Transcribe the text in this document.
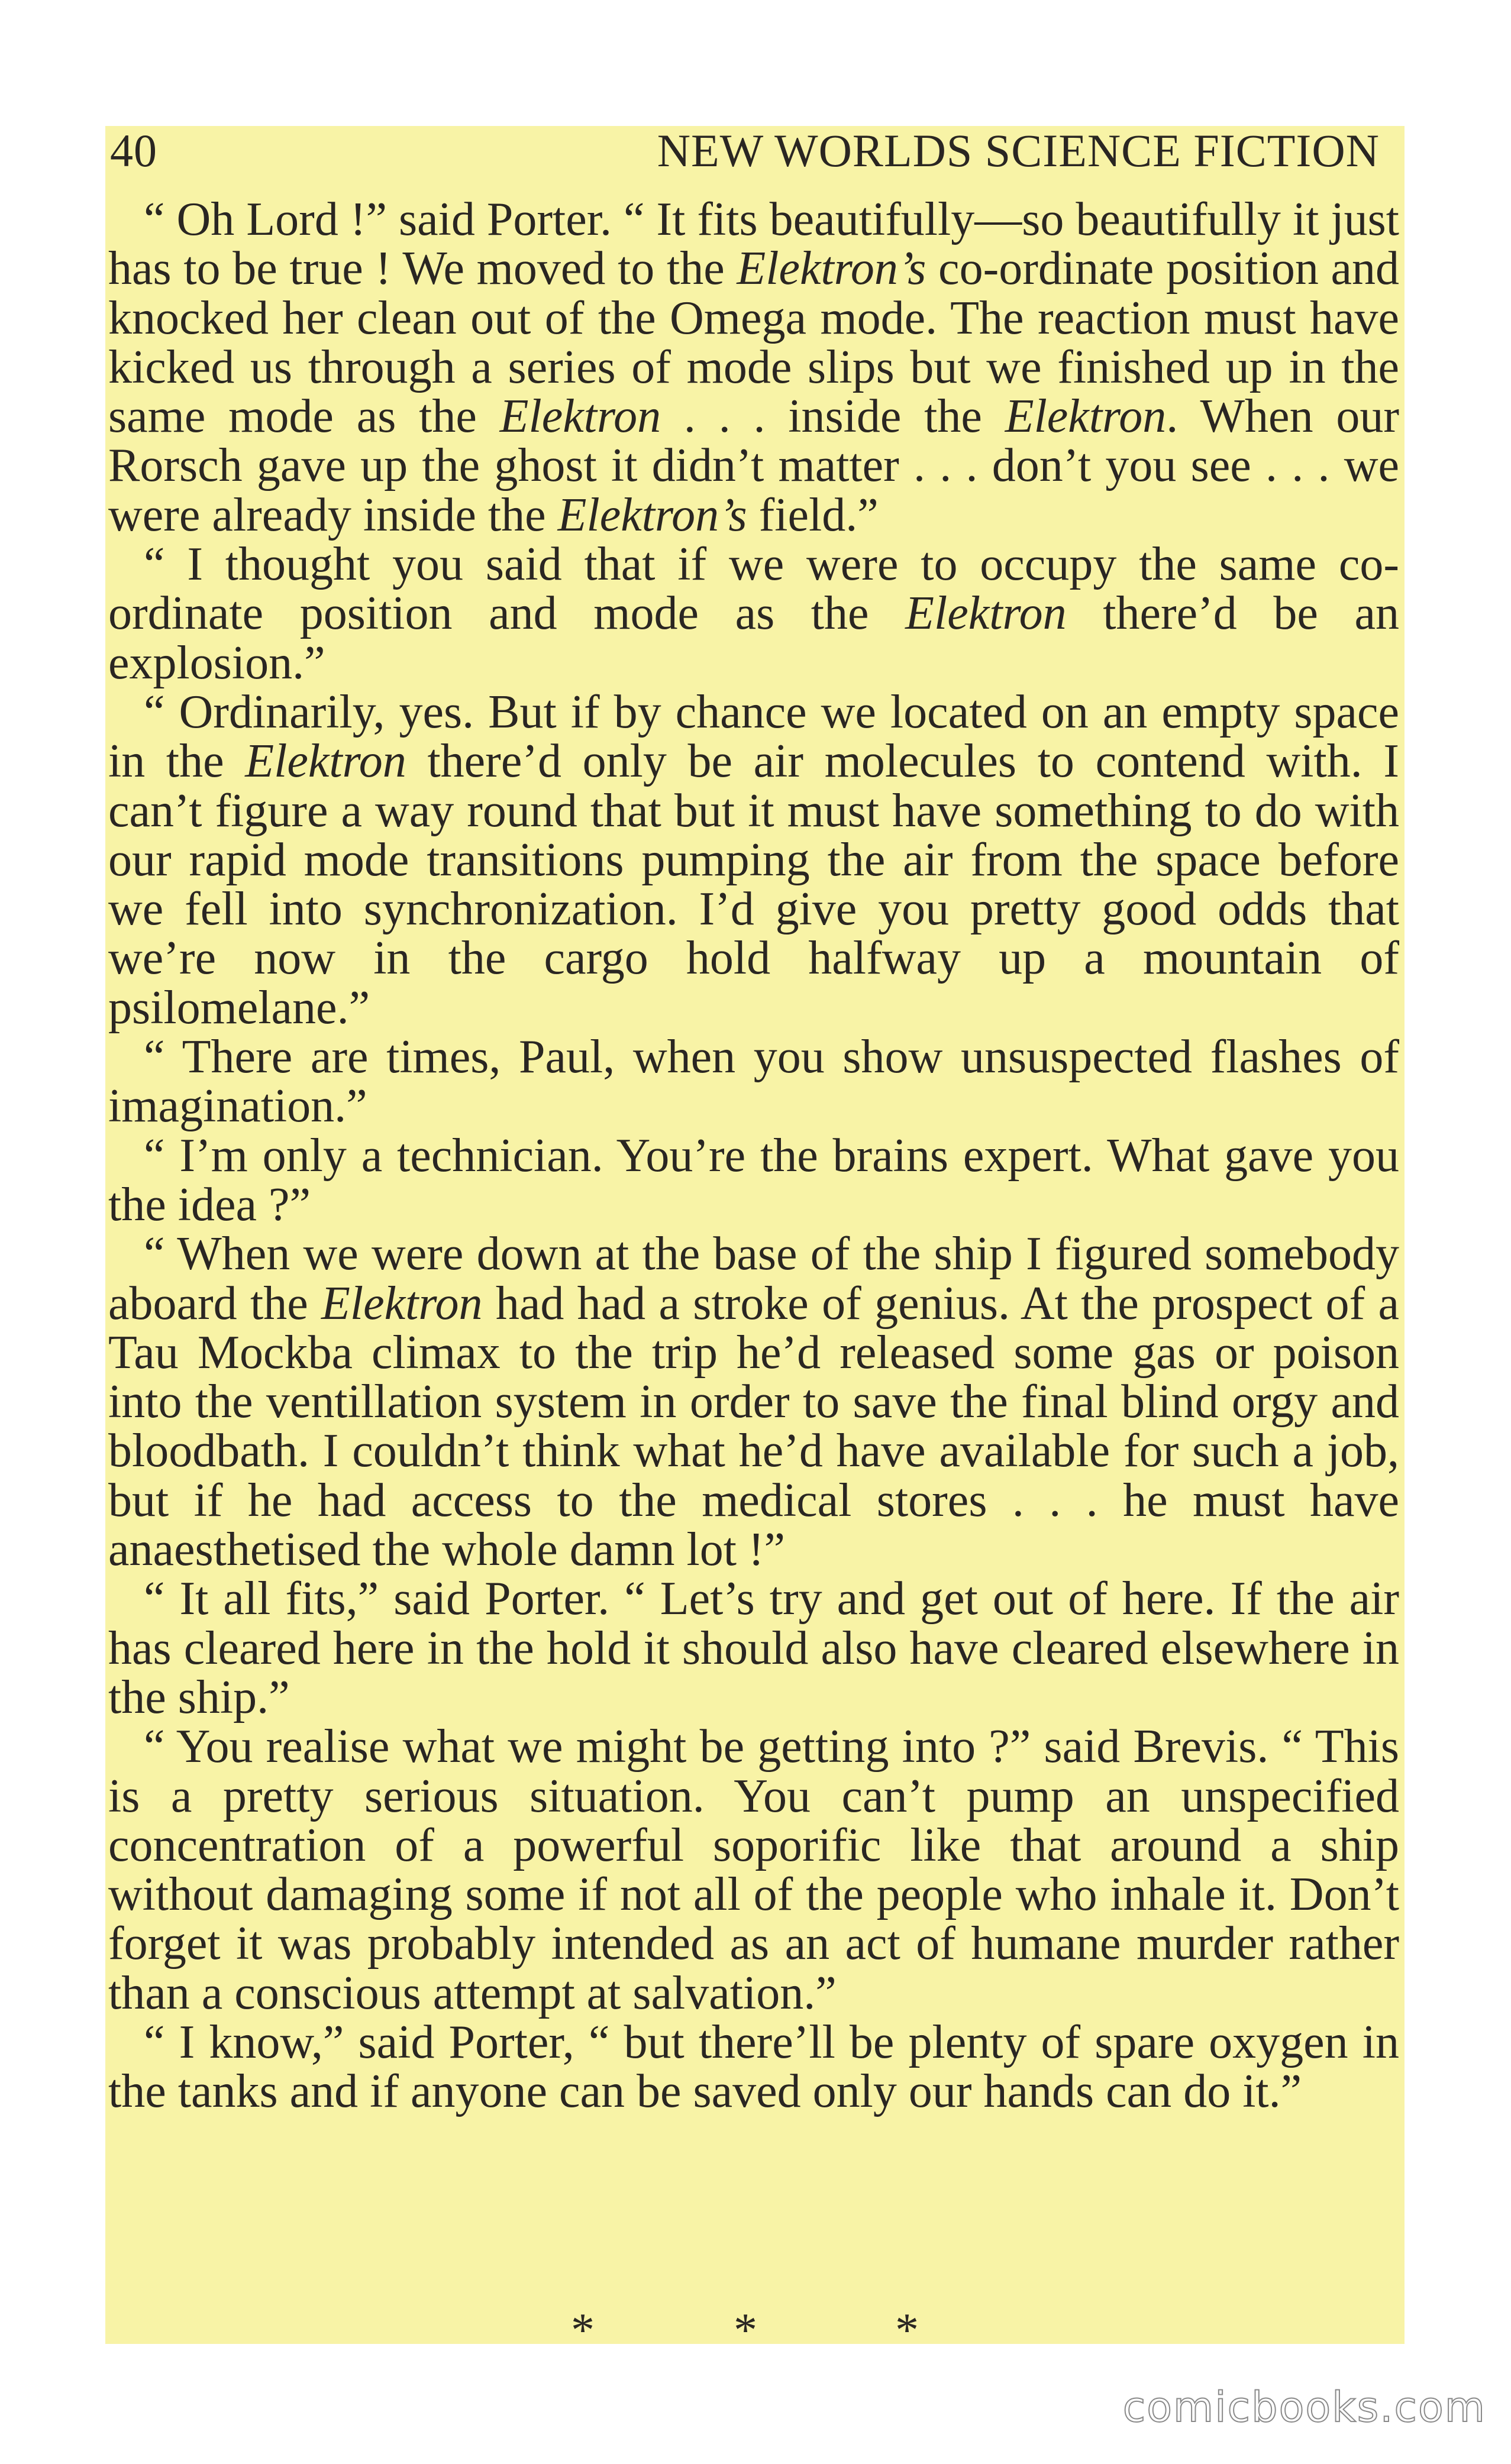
40	NEW WORLDS SCIENCE FICTION

“ Oh Lord !” said Porter. “ It fits beautifully—so beautifully it just has to be true ! We moved to the Elektron’s co-ordinate position and knocked her clean out of the Omega mode. The reaction must have kicked us through a series of mode slips but we finished up in the same mode as the Elektron . . . inside the Elektron. When our Rorsch gave up the ghost it didn’t matter . . . don’t you see . . . we were already inside the Elektron’s field.”

“ I thought you said that if we were to occupy the same co-ordinate position and mode as the Elektron there’d be an explosion.”

“ Ordinarily, yes. But if by chance we located on an empty space in the Elektron there’d only be air molecules to contend with. I can’t figure a way round that but it must have something to do with our rapid mode transitions pumping the air from the space before we fell into synchronization. I’d give you pretty good odds that we’re now in the cargo hold halfway up a mountain of psilomelane.”

“ There are times, Paul, when you show unsuspected flashes of imagination.”

“ I’m only a technician. You’re the brains expert. What gave you the idea ?”

“ When we were down at the base of the ship I figured somebody aboard the Elektron had had a stroke of genius. At the prospect of a Tau Mockba climax to the trip he’d released some gas or poison into the ventillation system in order to save the final blind orgy and bloodbath. I couldn’t think what he’d have available for such a job, but if he had access to the medical stores . . . he must have anaesthetised the whole damn lot !”

“ It all fits,” said Porter. “ Let’s try and get out of here. If the air has cleared here in the hold it should also have cleared elsewhere in the ship.”

“ You realise what we might be getting into ?” said Brevis. “ This is a pretty serious situation. You can’t pump an unspecified concentration of a powerful soporific like that around a ship without damaging some if not all of the people who inhale it. Don’t forget it was probably intended as an act of humane murder rather than a conscious attempt at salvation.”

“ I know,” said Porter, “ but there’ll be plenty of spare oxygen in the tanks and if anyone can be saved only our hands can do it.”

*	*	*
comicbooks.com
